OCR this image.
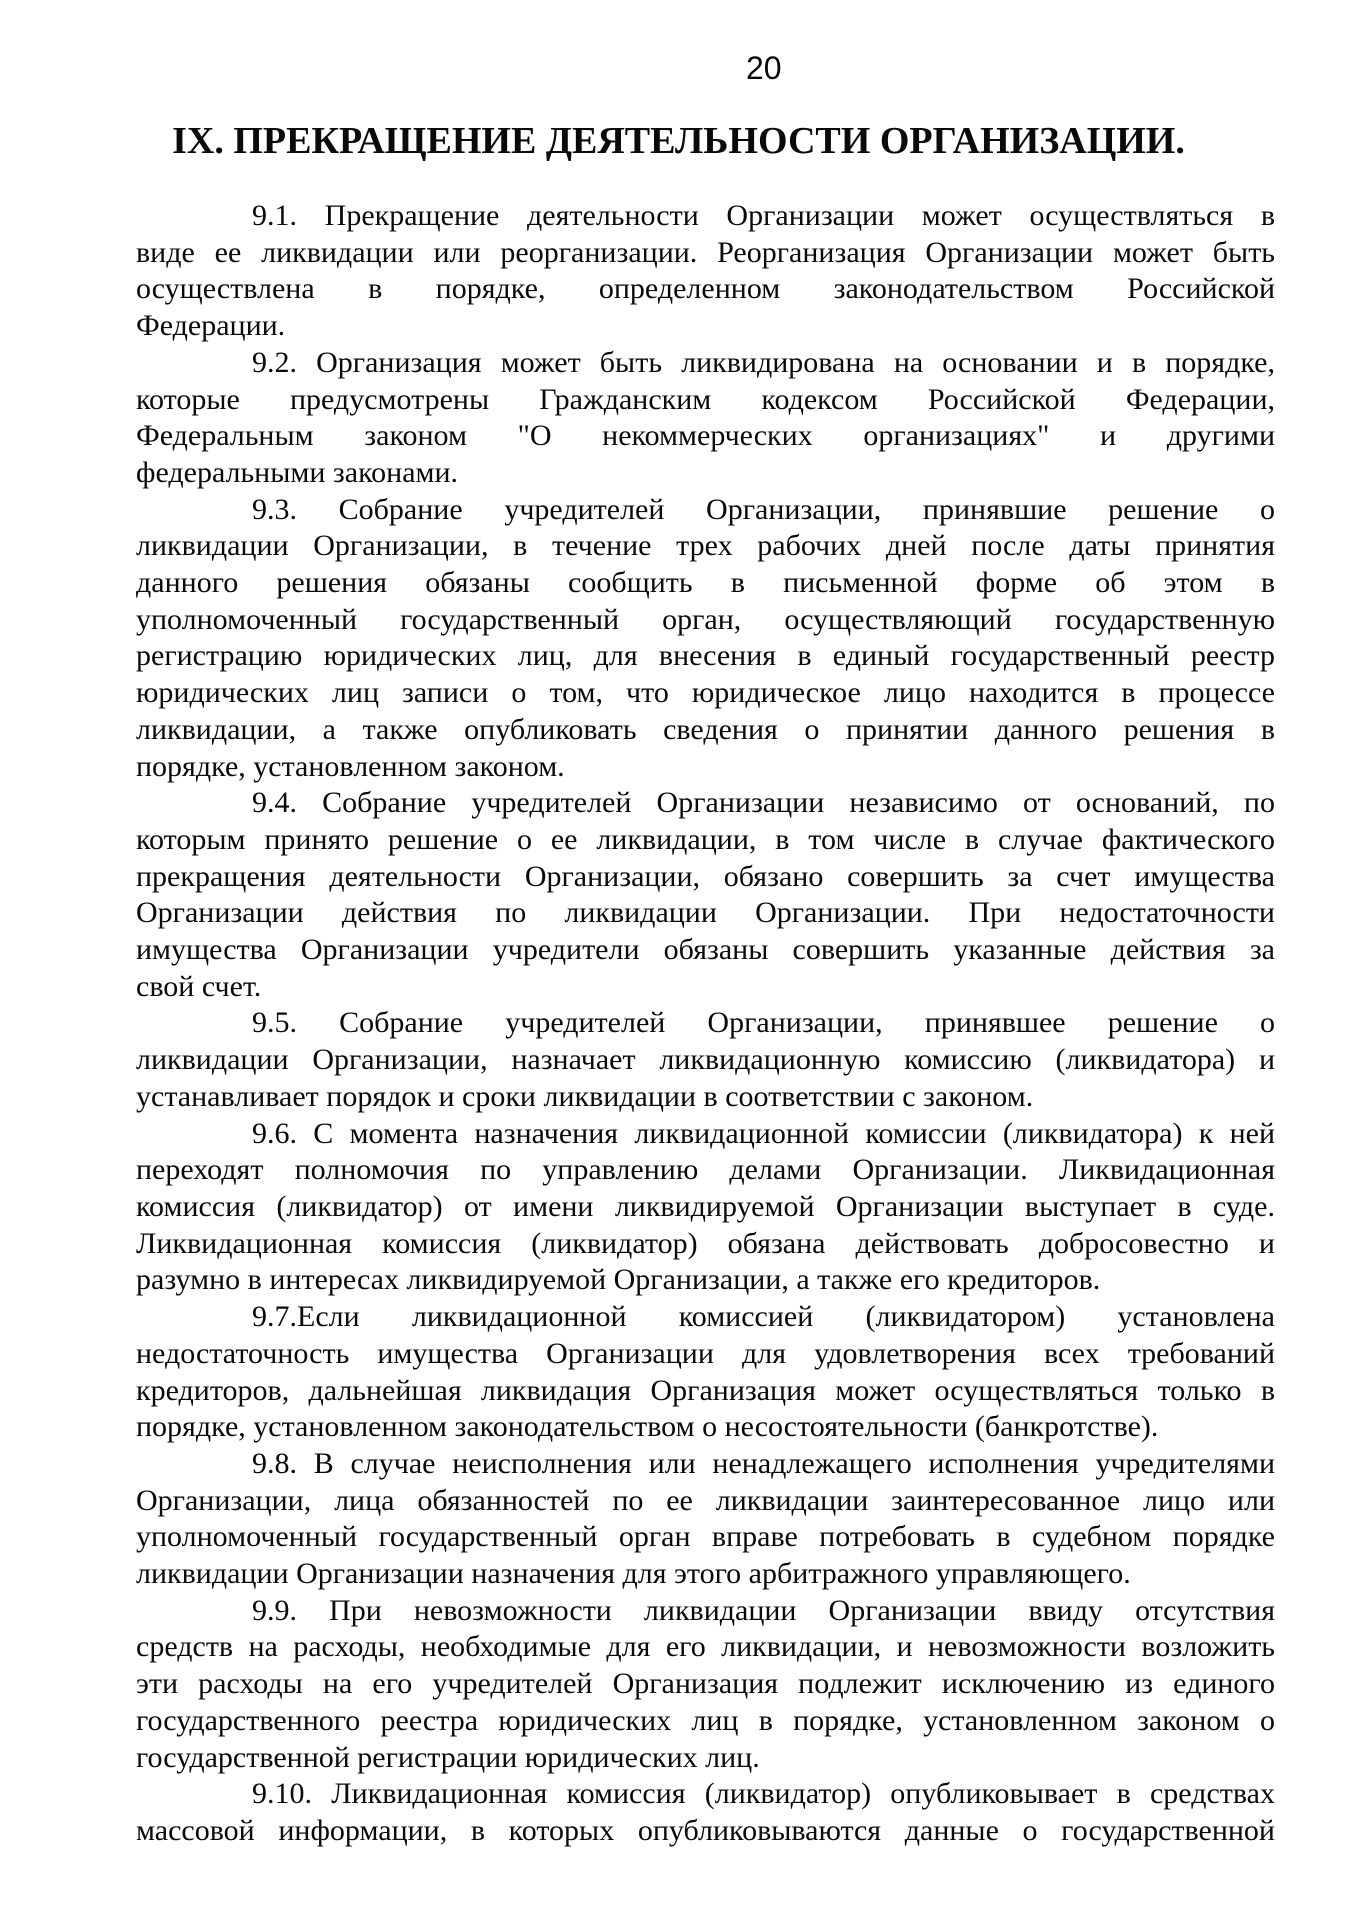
20
IX. ПРЕКРАЩЕНИЕ ДЕЯТЕЛЬНОСТИ ОРГАНИЗАЦИИ.
9.1. Прекращение деятельности Организации может осуществляться в
виде ее ликвидации или реорганизации. Реорганизация Организации может быть
осуществлена в порядке, определенном законодательством Российской
Федерации.
9.2. Организация может быть ликвидирована на основании и в порядке,
которые предусмотрены Гражданским кодексом Российской Федерации,
Федеральным законом "О некоммерческих организациях" и другими
федеральными законами.
9.3. Собрание учредителей Организации, принявшие решение о
ликвидации Организации, в течение трех рабочих дней после даты принятия
данного решения обязаны сообщить в письменной форме об этом в
уполномоченный государственный орган, осуществляющий государственную
регистрацию юридических лиц, для внесения в единый государственный реестр
юридических лиц записи о том, что юридическое лицо находится в процессе
ликвидации, а также опубликовать сведения о принятии данного решения в
порядке, установленном законом.
9.4. Собрание учредителей Организации независимо от оснований, по
которым принято решение о ее ликвидации, в том числе в случае фактического
прекращения деятельности Организации, обязано совершить за счет имущества
Организации действия по ликвидации Организации. При недостаточности
имущества Организации учредители обязаны совершить указанные действия за
свой счет.
9.5. Собрание учредителей Организации, принявшее решение о
ликвидации Организации, назначает ликвидационную комиссию (ликвидатора) и
устанавливает порядок и сроки ликвидации в соответствии с законом.
9.6. С момента назначения ликвидационной комиссии (ликвидатора) к ней
переходят полномочия по управлению делами Организации. Ликвидационная
комиссия (ликвидатор) от имени ликвидируемой Организации выступает в суде.
Ликвидационная комиссия (ликвидатор) обязана действовать добросовестно и
разумно в интересах ликвидируемой Организации, а также его кредиторов.
9.7.Если ликвидационной комиссией (ликвидатором) установлена
недостаточность имущества Организации для удовлетворения всех требований
кредиторов, дальнейшая ликвидация Организация может осуществляться только в
порядке, установленном законодательством о несостоятельности (банкротстве).
9.8. В случае неисполнения или ненадлежащего исполнения учредителями
Организации, лица обязанностей по ее ликвидации заинтересованное лицо или
уполномоченный государственный орган вправе потребовать в судебном порядке
ликвидации Организации назначения для этого арбитражного управляющего.
9.9. При невозможности ликвидации Организации ввиду отсутствия
средств на расходы, необходимые для его ликвидации, и невозможности возложить
эти расходы на его учредителей Организация подлежит исключению из единого
государственного реестра юридических лиц в порядке, установленном законом о
государственной регистрации юридических лиц.
9.10. Ликвидационная комиссия (ликвидатор) опубликовывает в средствах
массовой информации, в которых опубликовываются данные о государственной
